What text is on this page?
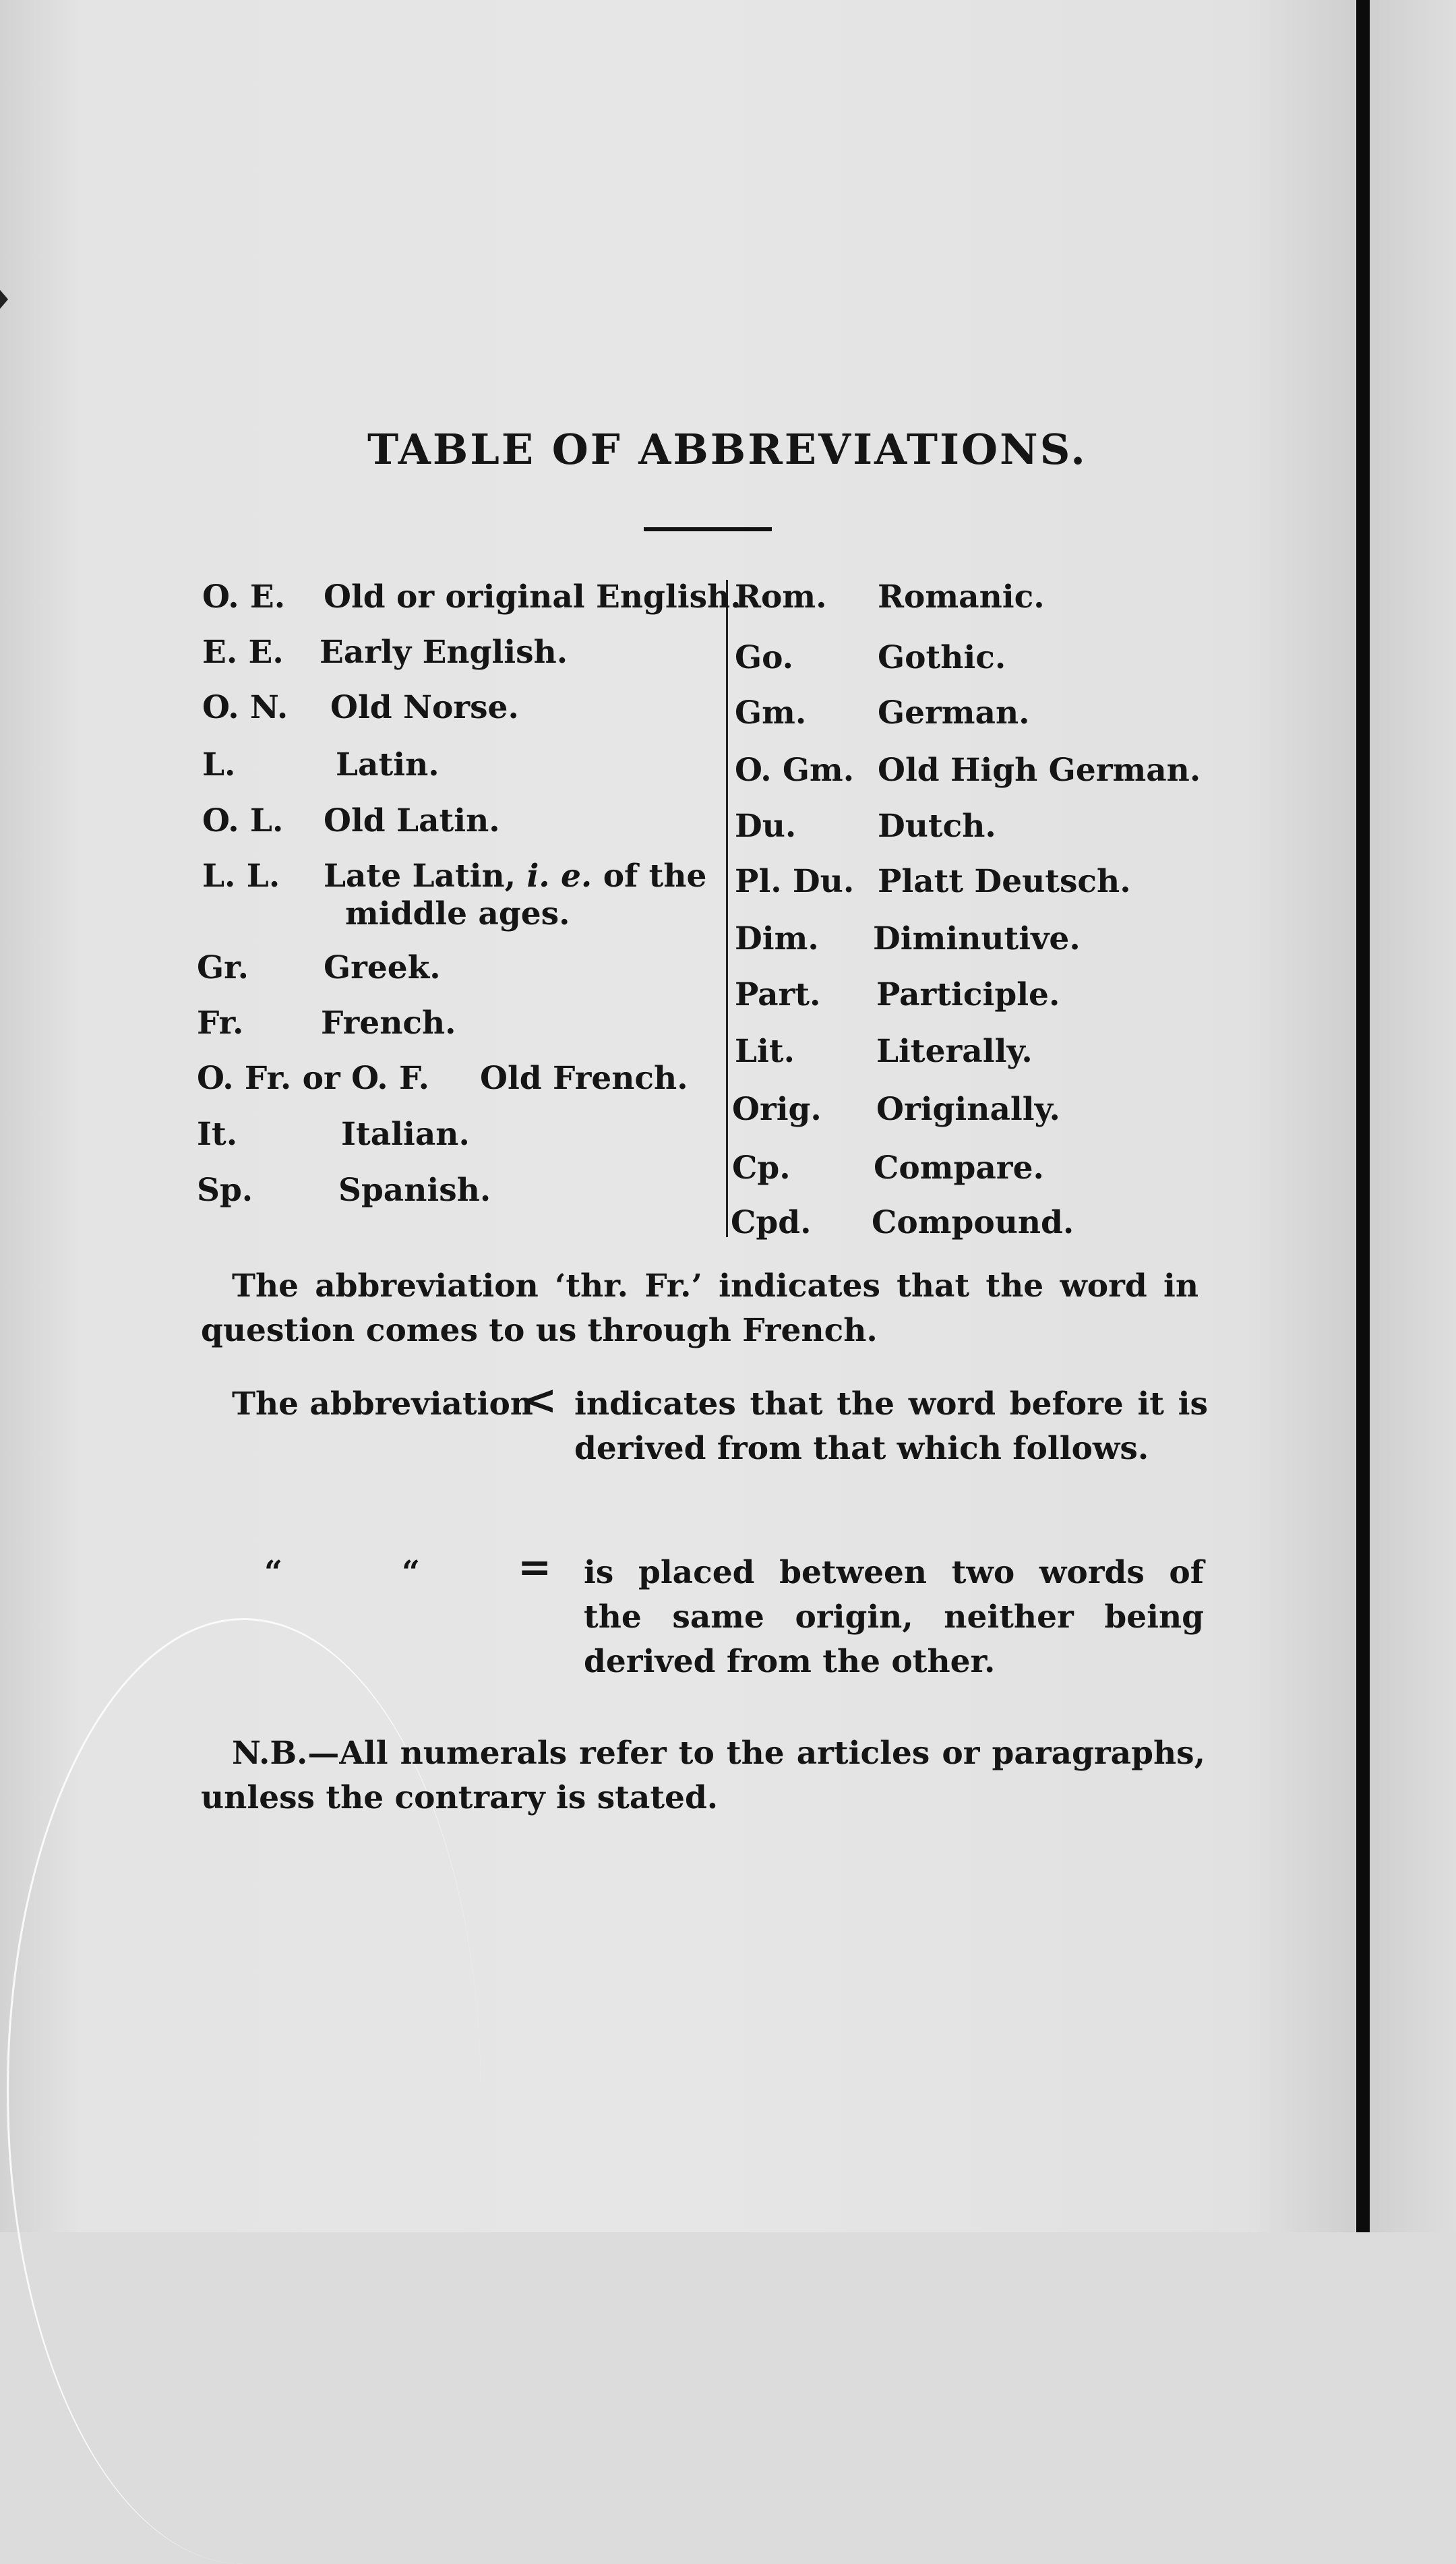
TABLE OF ABBREVIATIONS.
O. E. Old or original English.
E. E. Early English.
O. N. Old Norse.
L.	Latin.
O. L. Old Latin.
L. L. Late Latin, i. e. of the
middle ages.
Gr. Greek.
Fr. French.
O. Fr. or O. F. Old French.
It.	Italian.
Sp.	Spanish.
Rom. Romanic.
Go.	Gothic.
Gm. German.
O. Gm. Old High German.
Du.	Dutch.
Pl. Du. Platt Deutsch.
Dim. Diminutive.
Part. Participle.
Lit.	Literally.
Orig. Originally.
Cp.	Compare.
Cpd. Compound.
The abbreviation ‘thr. Fr.’ indicates that the word in question comes to us through French.
The abbreviation
< indicates that the word before it is derived from that which follows.
“	“ = is placed between two words of the same origin, neither being derived from the other.
N.B.—All numerals refer to the articles or paragraphs, unless the contrary is stated.
